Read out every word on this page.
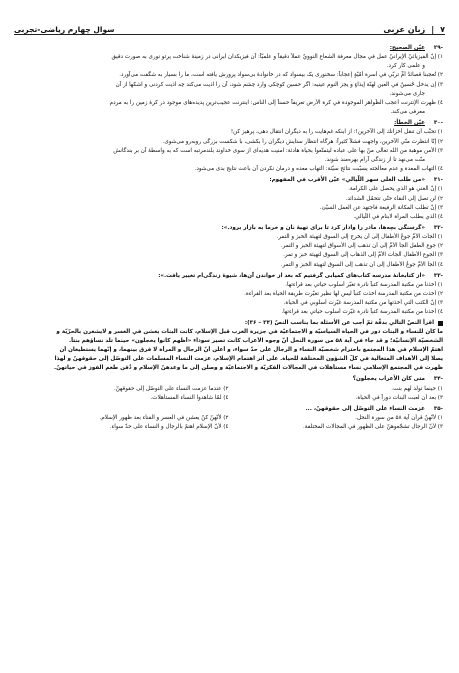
٧
|
زبان عربی
سوال چهارم ریاضی-تجربی
-۲۹
عيّن الصحيح:
١) إنّ الفيزيائيّ الإيرانيّ عمل في مجال معرفة الشعاع النوويّ عملاً دقيقاً و علميّاً: آن فيزيكدان ايرانى در زمينهٔ شناخت پرتو نورى به صورت دقيق
و علمى كار كرد.
٢) تُعجبنا قصائدُ أُمٍّ تربّي في أسرة أُمّيّةٍ إعجاباً: سخنوری یک بیسواد که در خانوادهٔ بی‌سواد پرورش یافته است، ما را بسیار به شگفت می‌آورد.
٣) إن يدخل حُسينٌ في العين لهنّة إيذاءٍ و يجز النوم عينيه: اگر حسين كوچكى وارد چشم شود، آن را اذيت مى‌كند چه اذيت كردنى و اشكها از آن
جارى مى‌شوند.
٤) ظهرت الإنترنت أعجب الظّواهر الموجودة في كرة الأرض تعريفاً حسناً إلى الناس: اينترنت عجيب‌ترين پديده‌هاى موجود در كرهٔ زمين را به مردم
معرفى مى‌كند.
-۳۰
عيّن الخطأ:
١) تحبُّب أن تنقل أخزانك إلى الآخرين!: از اینکه غم‌هایت را به دیگران انتقال دهی، پرهیز کن!
٢) إنّا انتظرت منّي الآخرين، واجهت فشلاً كثيراً: هرگاه انتظار ستايش ديگران را بكشى، با شكست بزرگى روبه‌رو مى‌شوى.
٣) الأمن موهبة من الله تعالى منّ بها على عباده ليتمتّعوا بحياة هادئة: امنيت هديه‌اى از سوى خداوند بلندمرتبه است كه به واسطهٔ آن بر بندگانش
منّت مى‌نهد تا از زندگى آرام بهره‌مند شوند.
٤) التهاب المعدة و عدم معالجته يسبّبت نتائج سيّئة: التهاب معده و درمان نكردن آن باعث نتايج بدى مى‌شود.
-۳۱
«من طلب العلى سهر اللّيالي» عيّن الأقرب في المفهوم:
١) إنّ الغني هو الذي يحصل على الكرامة.
٢) لن تصل إلى النقاء حتّى تتحمّل الشدائد.
٣) إنّ تطلب المكانة الرفيعة فاجتهد عن العمل السيّئ.
٤) الذي يطلب المرأة لابنام في اللّيالي.
-۳۲
«گرسنگی بچه‌ها، مادر را وادار كرد تا براى تهيهٔ نان و خرما به بازار برود.»:
١) ألجأت الأمَّ جوعُ الأطفال إلى أن يخرج إلى السوق لتهيئة الخبز و التمر.
٢) جوع الطفل ألجأ الأمَّ إلى أن تذهب إلى الأسواق لتهيئة الخبز و التمر.
٣) الجوع الأطفال ألجأت الأمَّ إلى الذهاب إلى السوق لتهيئة خبز و تمر.
٤) ألجأ الأمَّ جوعُ الأطفال إلى أن تذهب إلى السوق لتهيئة الخبز و التمر.
-۳۳
«از كتابخانهٔ مدرسه كتاب‌هاى كميابى گرفتيم كه بعد از خواندن آن‌ها، شيوهٔ زندگى‌ام تغيير يافت.»:
١) أخذنا من مكتبة المدرسة كتباً نادرة تغيّر أسلوب حياتي بعد قراءتها.
٢) أخذت من مكتبة المدرسة أخذت كتباً ليس لها نظير تغيّرت طريقة الحياة بعد القراءة.
٣) إنّ الكتب التي أخذتها من مكتبة المدرسة غيّرت أسلوبي في الحياة.
٤) أخذنا من مكتبة المدرسة كتباً نادرة غيّرت أسلوب حياتي بعد قراءتها.
اقرأ النصّ التالي بدقّة ثمّ أجب عن الأسئلة بما يناسب النصّ (۳۴ – ۳۶):
ما كان للنساء و البنات دور في الحياة السياسيّة و الاجتماعيّة في جزيرة العرب قبل الإسلام، كانت البنات يعشن في العسر و لايشعرن بالحرّيّة و
الشخصيّة الإنسانيّة؛ و قد جاء في آية ۵۸ من سورة النحل أنّ وجوه الأعراب كانت تصير سوداء «أظهم كانوا يخجلون» حينما تلد نساؤهم بنتاً.
اهتمّ الإسلام في هذا المجتمع باحترام شخصيّة النساء و الرجال على حدّ سواء، و أعلن أنّ الرجال و المرأة لا فرق بينهما، و إنّهما يستطيعان أن
يصلا إلى الأهداف المتعالية في كلّ الشؤون المختلفة للحياة. على أثر اهتمام الإسلام، عزمت النساء المسلمات على التوصّل إلى حقوقهنّ و لهذا
ظهرت في المجتمع الإسلامي نساء مستأهلات في المجالات الفكريّة و الاجتماعيّة و وصلن إلى ما وعدهنّ الإسلام و ذُقن طعم الفوز في حياتهنّ.
-۳۴
متى كان الأعراب يخجلون؟
١) حينما تولد لهم بنت.
٢) عندما عزمت النساء على التوصّل إلى حقوقهنّ.
٣) بعد أن لعبت البنات دوراً في الحياة.
٤) لمّا شاهدوا النساء المستأهلات.
-۳۵
عزمت النساء على التوصّل إلى حقوقهنّ، ...
١) لأنّهنّ قرأن آية ۵۸ من سورة النحل.
٢) لأنّهنّ كنّ يعشن في العسر و الفناء بعد ظهور الإسلام.
٣) لأنّ الرجال تشجّعوهنّ على الظهور في المجالات المختلفة.
٤) لأنّ الإسلام اهتمّ بالرجال و النساء على حدّ سواء.
